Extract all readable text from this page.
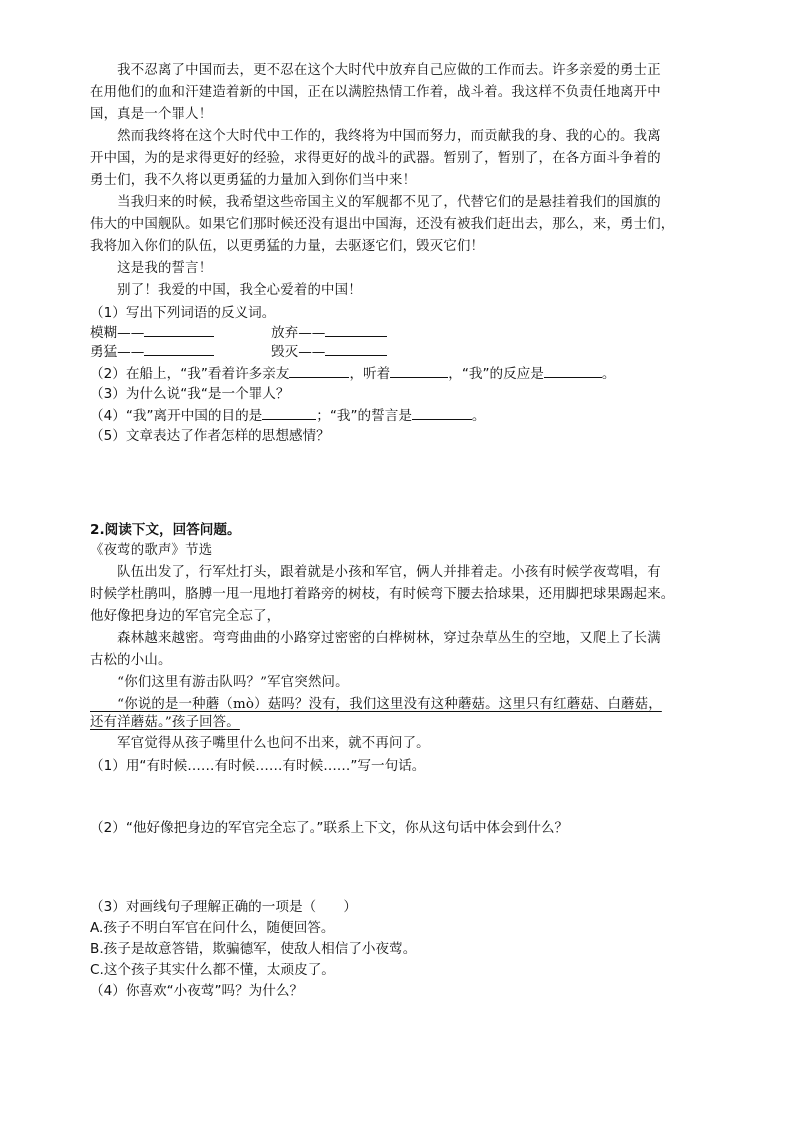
　　我不忍离了中国而去，更不忍在这个大时代中放弃自己应做的工作而去。许多亲爱的勇士正
在用他们的血和汗建造着新的中国，正在以满腔热情工作着，战斗着。我这样不负责任地离开中
国，真是一个罪人！
　　然而我终将在这个大时代中工作的，我终将为中国而努力，而贡献我的身、我的心的。我离
开中国，为的是求得更好的经验，求得更好的战斗的武器。暂别了，暂别了，在各方面斗争着的
勇士们，我不久将以更勇猛的力量加入到你们当中来！
　　当我归来的时候，我希望这些帝国主义的军舰都不见了，代替它们的是悬挂着我们的国旗的
伟大的中国舰队。如果它们那时候还没有退出中国海，还没有被我们赶出去，那么，来，勇士们，
我将加入你们的队伍，以更勇猛的力量，去驱逐它们，毁灭它们！
　　这是我的誓言！
　　别了！我爱的中国，我全心爱着的中国！
（1）写出下列词语的反义词。
模糊——	放弃——
勇猛——	毁灭——
（2）在船上，“我”看着许多亲友	，听着	，“我”的反应是	。
（3）为什么说“我“是一个罪人？
（4）“我”离开中国的目的是	；“我”的誓言是	。
（5）文章表达了作者怎样的思想感情？
2.阅读下文，回答问题。
《夜莺的歌声》节选
　　队伍出发了，行军灶打头，跟着就是小孩和军官，俩人并排着走。小孩有时候学夜莺唱，有
时候学杜鹃叫，胳膊一甩一甩地打着路旁的树枝，有时候弯下腰去拾球果，还用脚把球果踢起来。
他好像把身边的军官完全忘了，
　　森林越来越密。弯弯曲曲的小路穿过密密的白桦树林，穿过杂草丛生的空地，又爬上了长满
古松的小山。
　　“你们这里有游击队吗？”军官突然问。
　　“你说的是一种蘑（mò）菇吗？没有，我们这里没有这种蘑菇。这里只有红蘑菇、白蘑菇，
还有洋蘑菇。”孩子回答。
　　军官觉得从孩子嘴里什么也问不出来，就不再问了。
（1）用“有时候……有时候……有时候……”写一句话。
（2）“他好像把身边的军官完全忘了。”联系上下文，你从这句话中体会到什么？
（3）对画线句子理解正确的一项是（　　）
A.孩子不明白军官在问什么，随便回答。
B.孩子是故意答错，欺骗德军，使敌人相信了小夜莺。
C.这个孩子其实什么都不懂，太顽皮了。
（4）你喜欢“小夜莺”吗？为什么？
